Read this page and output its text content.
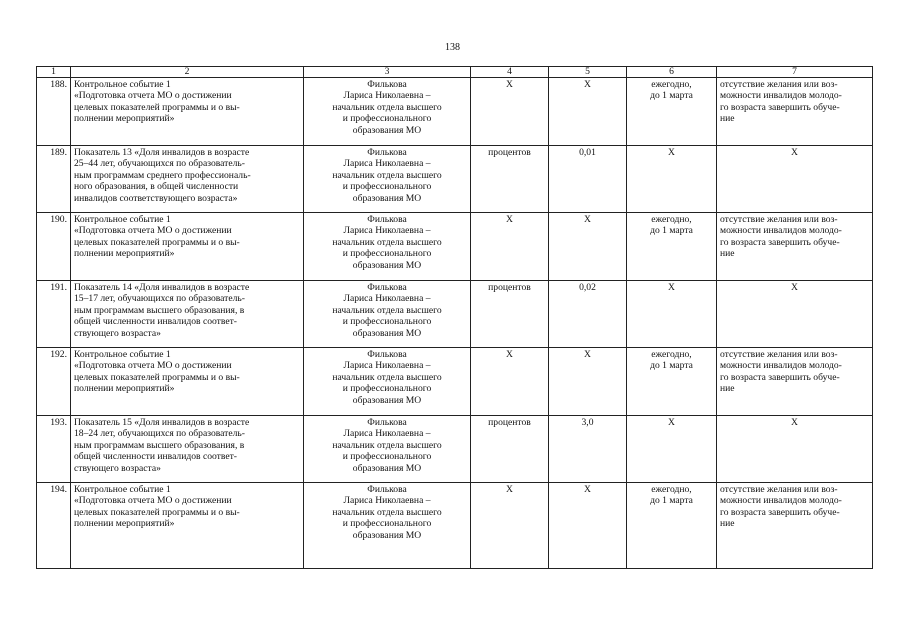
138
1	2	3	4	5	6	7
188.	Контрольное событие 1
«Подготовка отчета МО о достижении
целевых показателей программы и о вы-
полнении мероприятий»	Филькова
Лариса Николаевна –
начальник отдела высшего
и профессионального
образования МО	Х	Х	ежегодно,
до 1 марта	отсутствие желания или воз-
можности инвалидов молодо-
го возраста завершить обуче-
ние
189.	Показатель 13 «Доля инвалидов в возрасте
25–44 лет, обучающихся по образователь-
ным программам среднего профессиональ-
ного образования, в общей численности
инвалидов соответствующего возраста»	Филькова
Лариса Николаевна –
начальник отдела высшего
и профессионального
образования МО	процентов	0,01	Х	Х
190.	Контрольное событие 1
«Подготовка отчета МО о достижении
целевых показателей программы и о вы-
полнении мероприятий»	Филькова
Лариса Николаевна –
начальник отдела высшего
и профессионального
образования МО	Х	Х	ежегодно,
до 1 марта	отсутствие желания или воз-
можности инвалидов молодо-
го возраста завершить обуче-
ние
191.	Показатель 14 «Доля инвалидов в возрасте
15–17 лет, обучающихся по образователь-
ным программам высшего образования, в
общей численности инвалидов соответ-
ствующего возраста»	Филькова
Лариса Николаевна –
начальник отдела высшего
и профессионального
образования МО	процентов	0,02	Х	Х
192.	Контрольное событие 1
«Подготовка отчета МО о достижении
целевых показателей программы и о вы-
полнении мероприятий»	Филькова
Лариса Николаевна –
начальник отдела высшего
и профессионального
образования МО	Х	Х	ежегодно,
до 1 марта	отсутствие желания или воз-
можности инвалидов молодо-
го возраста завершить обуче-
ние
193.	Показатель 15 «Доля инвалидов в возрасте
18–24 лет, обучающихся по образователь-
ным программам высшего образования, в
общей численности инвалидов соответ-
ствующего возраста»	Филькова
Лариса Николаевна –
начальник отдела высшего
и профессионального
образования МО	процентов	3,0	Х	Х
194.	Контрольное событие 1
«Подготовка отчета МО о достижении
целевых показателей программы и о вы-
полнении мероприятий»	Филькова
Лариса Николаевна –
начальник отдела высшего
и профессионального
образования МО	Х	Х	ежегодно,
до 1 марта	отсутствие желания или воз-
можности инвалидов молодо-
го возраста завершить обуче-
ние
